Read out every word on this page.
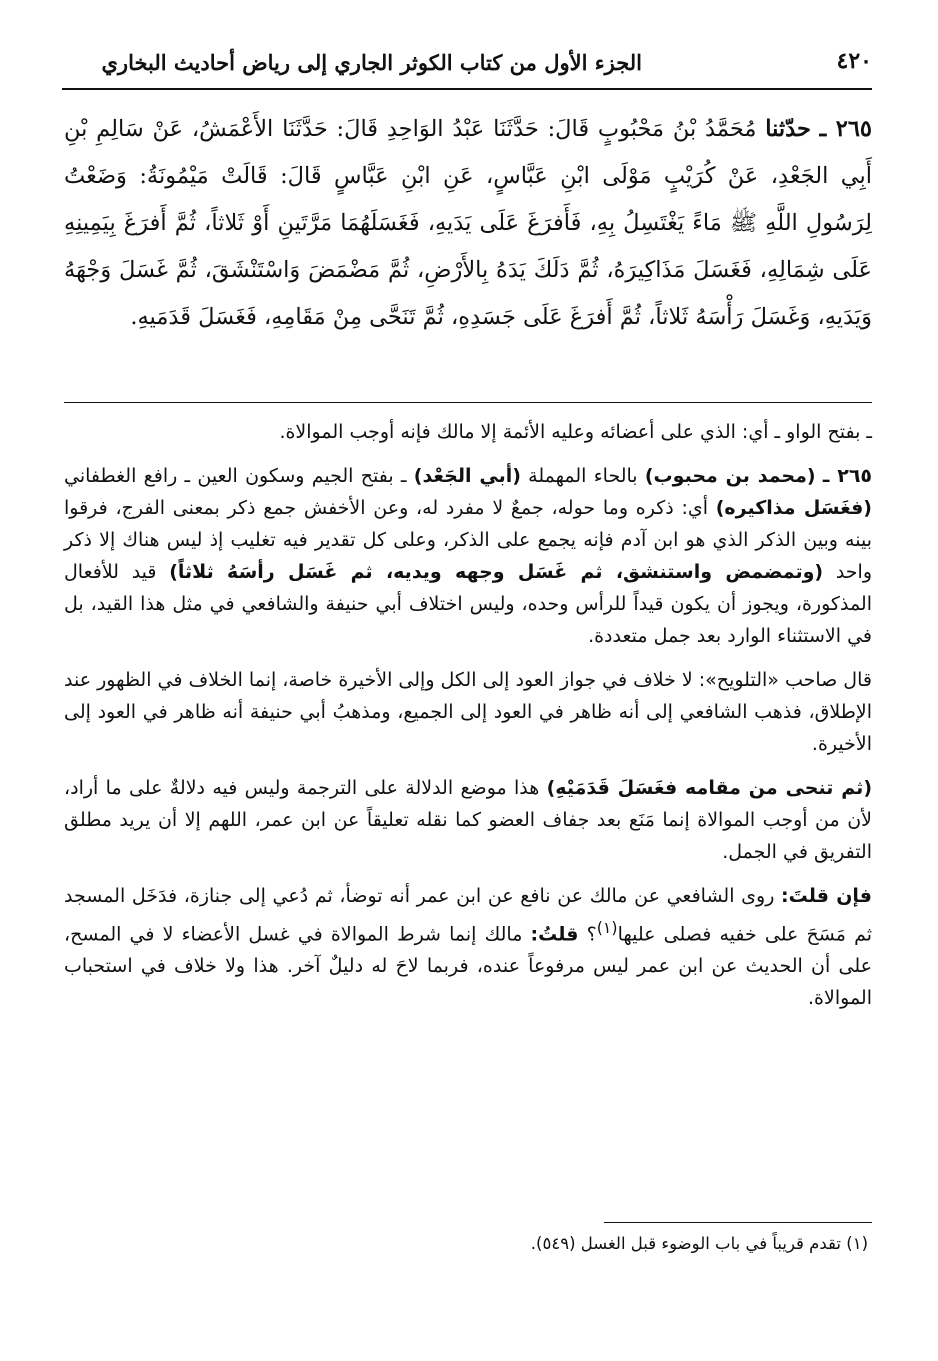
٤٢٠
الجزء الأول من كتاب الكوثر الجاري إلى رياض أحاديث البخاري
٢٦٥ ـ حدّثنا مُحَمَّدُ بْنُ مَحْبُوبٍ قَالَ: حَدَّثَنَا عَبْدُ الوَاحِدِ قَالَ: حَدَّثَنَا الأَعْمَشُ، عَنْ سَالِمِ بْنِ أَبِي الجَعْدِ، عَنْ كُرَيْبٍ مَوْلَى ابْنِ عَبَّاسٍ، عَنِ ابْنِ عَبَّاسٍ قَالَ: قَالَتْ مَيْمُونَةُ: وَضَعْتُ لِرَسُولِ اللَّهِ ﷺ مَاءً يَغْتَسِلُ بِهِ، فَأَفرَغَ عَلَى يَدَيهِ، فَغَسَلَهُمَا مَرَّتَينِ أَوْ ثَلاثاً، ثُمَّ أَفرَغَ بِيَمِينِهِ عَلَى شِمَالِهِ، فَغَسَلَ مَذَاكِيرَهُ، ثُمَّ دَلَكَ يَدَهُ بِالأَرْضِ، ثُمَّ مَضْمَضَ وَاسْتَنْشَقَ، ثُمَّ غَسَلَ وَجْهَهُ وَيَدَيهِ، وَغَسَلَ رَأْسَهُ ثَلاثاً، ثُمَّ أَفرَغَ عَلَى جَسَدِهِ، ثُمَّ تَنَحَّى مِنْ مَقَامِهِ، فَغَسَلَ قَدَمَيهِ.

ـ بفتح الواو ـ أي: الذي على أعضائه وعليه الأئمة إلا مالك فإنه أوجب الموالاة.

٢٦٥ ـ (محمد بن محبوب) بالحاء المهملة (أبي الجَعْد) ـ بفتح الجيم وسكون العين ـ رافع الغطفاني (فغَسَل مذاكيره) أي: ذكره وما حوله، جمعٌ لا مفرد له، وعن الأخفش جمع ذكر بمعنى الفرج، فرقوا بينه وبين الذكر الذي هو ابن آدم فإنه يجمع على الذكر، وعلى كل تقدير فيه تغليب إذ ليس هناك إلا ذكر واحد (وتمضمض واستنشق، ثم غَسَل وجهه ويديه، ثم غَسَل رأسَهُ ثلاثاً) قيد للأفعال المذكورة، ويجوز أن يكون قيداً للرأس وحده، وليس اختلاف أبي حنيفة والشافعي في مثل هذا القيد، بل في الاستثناء الوارد بعد جمل متعددة.

قال صاحب «التلويح»: لا خلاف في جواز العود إلى الكل وإلى الأخيرة خاصة، إنما الخلاف في الظهور عند الإطلاق، فذهب الشافعي إلى أنه ظاهر في العود إلى الجميع، ومذهبُ أبي حنيفة أنه ظاهر في العود إلى الأخيرة.

(ثم تنحى من مقامه فغَسَلَ قَدَمَيْهِ) هذا موضع الدلالة على الترجمة وليس فيه دلالةٌ على ما أراد، لأن من أوجب الموالاة إنما مَنَع بعد جفاف العضو كما نقله تعليقاً عن ابن عمر، اللهم إلا أن يريد مطلق التفريق في الجمل.

فإن قلتَ: روى الشافعي عن مالك عن نافع عن ابن عمر أنه توضأ، ثم دُعي إلى جنازة، فدَخَل المسجد ثم مَسَحَ على خفيه فصلى عليها$^{(١)}$؟ قلتُ: مالك إنما شرط الموالاة في غسل الأعضاء لا في المسح، على أن الحديث عن ابن عمر ليس مرفوعاً عنده، فربما لاحَ له دليلٌ آخر. هذا ولا خلاف في استحباب الموالاة.

(١) تقدم قريباً في باب الوضوء قبل الغسل (٥٤٩).
